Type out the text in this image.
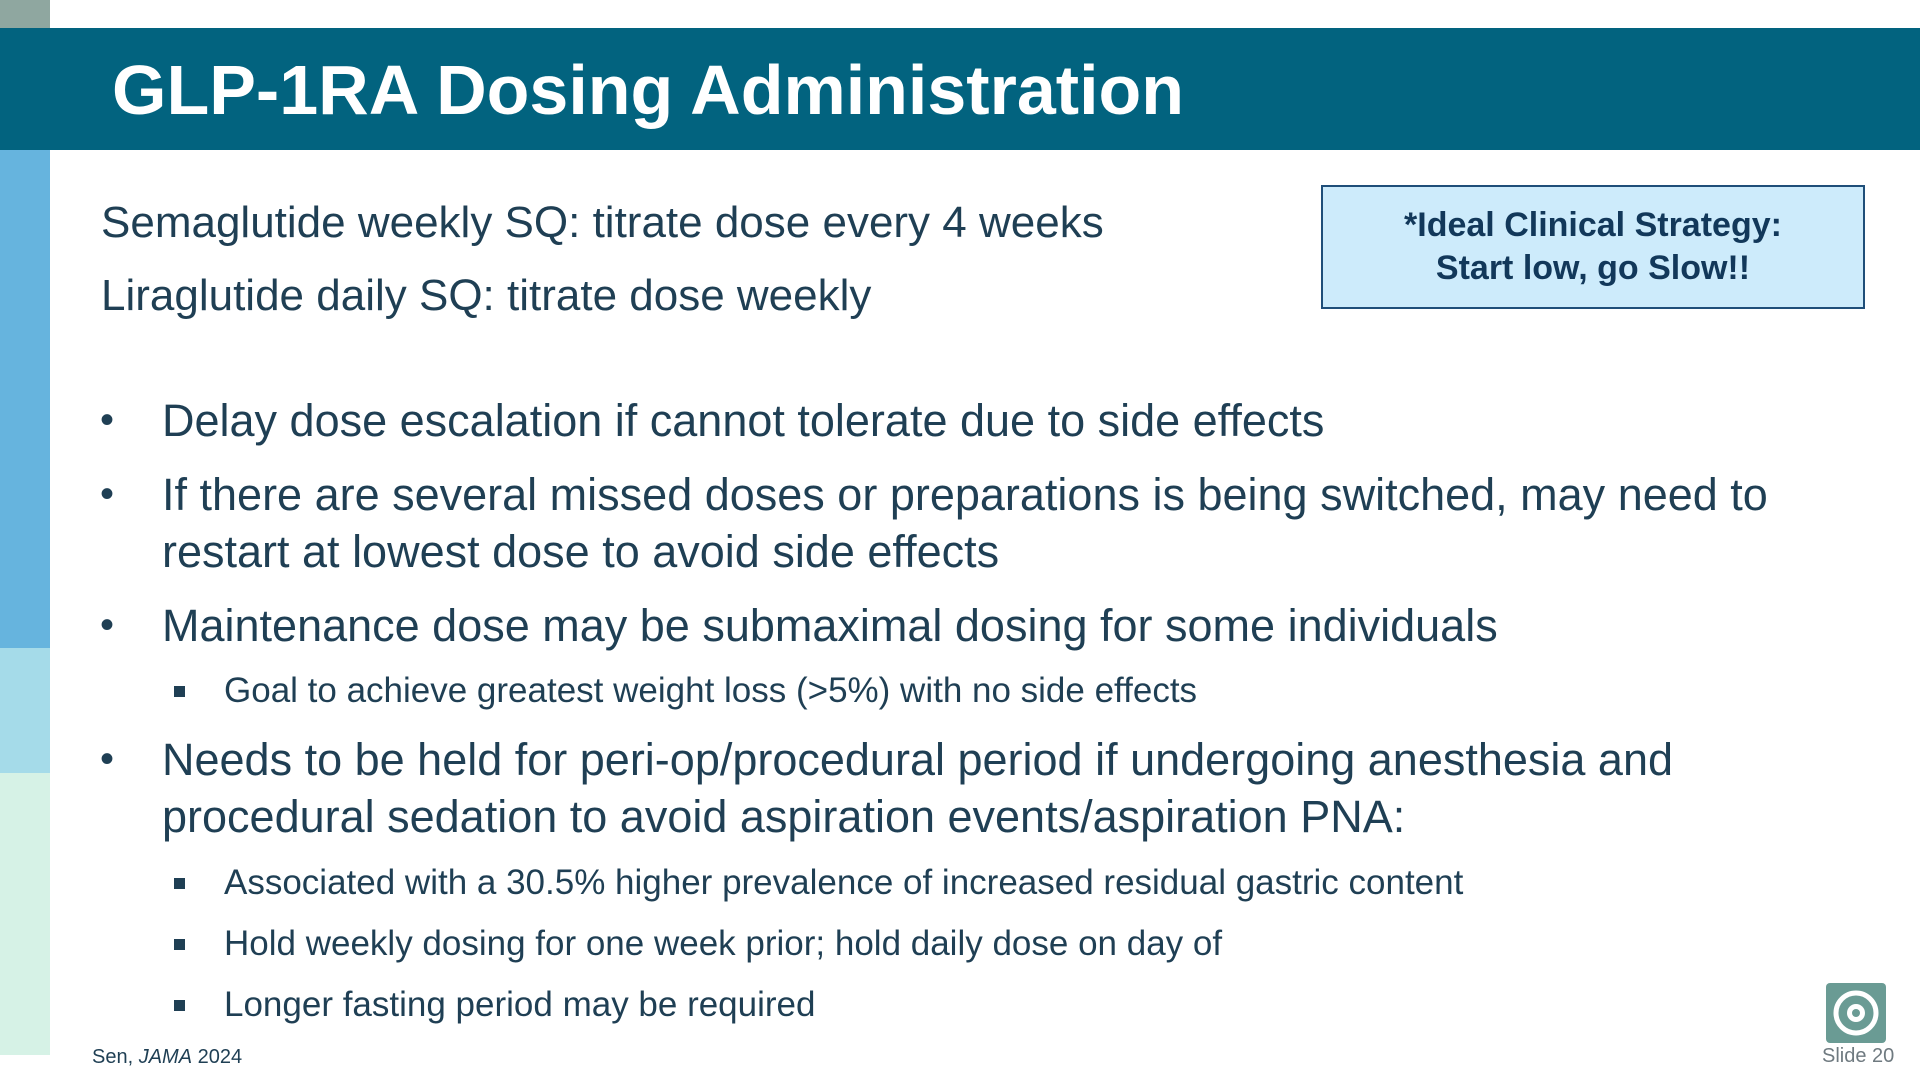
GLP-1RA Dosing Administration
Semaglutide weekly SQ: titrate dose every 4 weeks
Liraglutide daily SQ: titrate dose weekly
*Ideal Clinical Strategy:
Start low, go Slow!!
• Delay dose escalation if cannot tolerate due to side effects
• If there are several missed doses or preparations is being switched, may need to restart at lowest dose to avoid side effects
• Maintenance dose may be submaximal dosing for some individuals
Goal to achieve greatest weight loss (>5%) with no side effects
• Needs to be held for peri-op/procedural period if undergoing anesthesia and procedural sedation to avoid aspiration events/aspiration PNA:
Associated with a 30.5% higher prevalence of increased residual gastric content
Hold weekly dosing for one week prior; hold daily dose on day of
Longer fasting period may be required
Sen, JAMA 2024	Slide 20
